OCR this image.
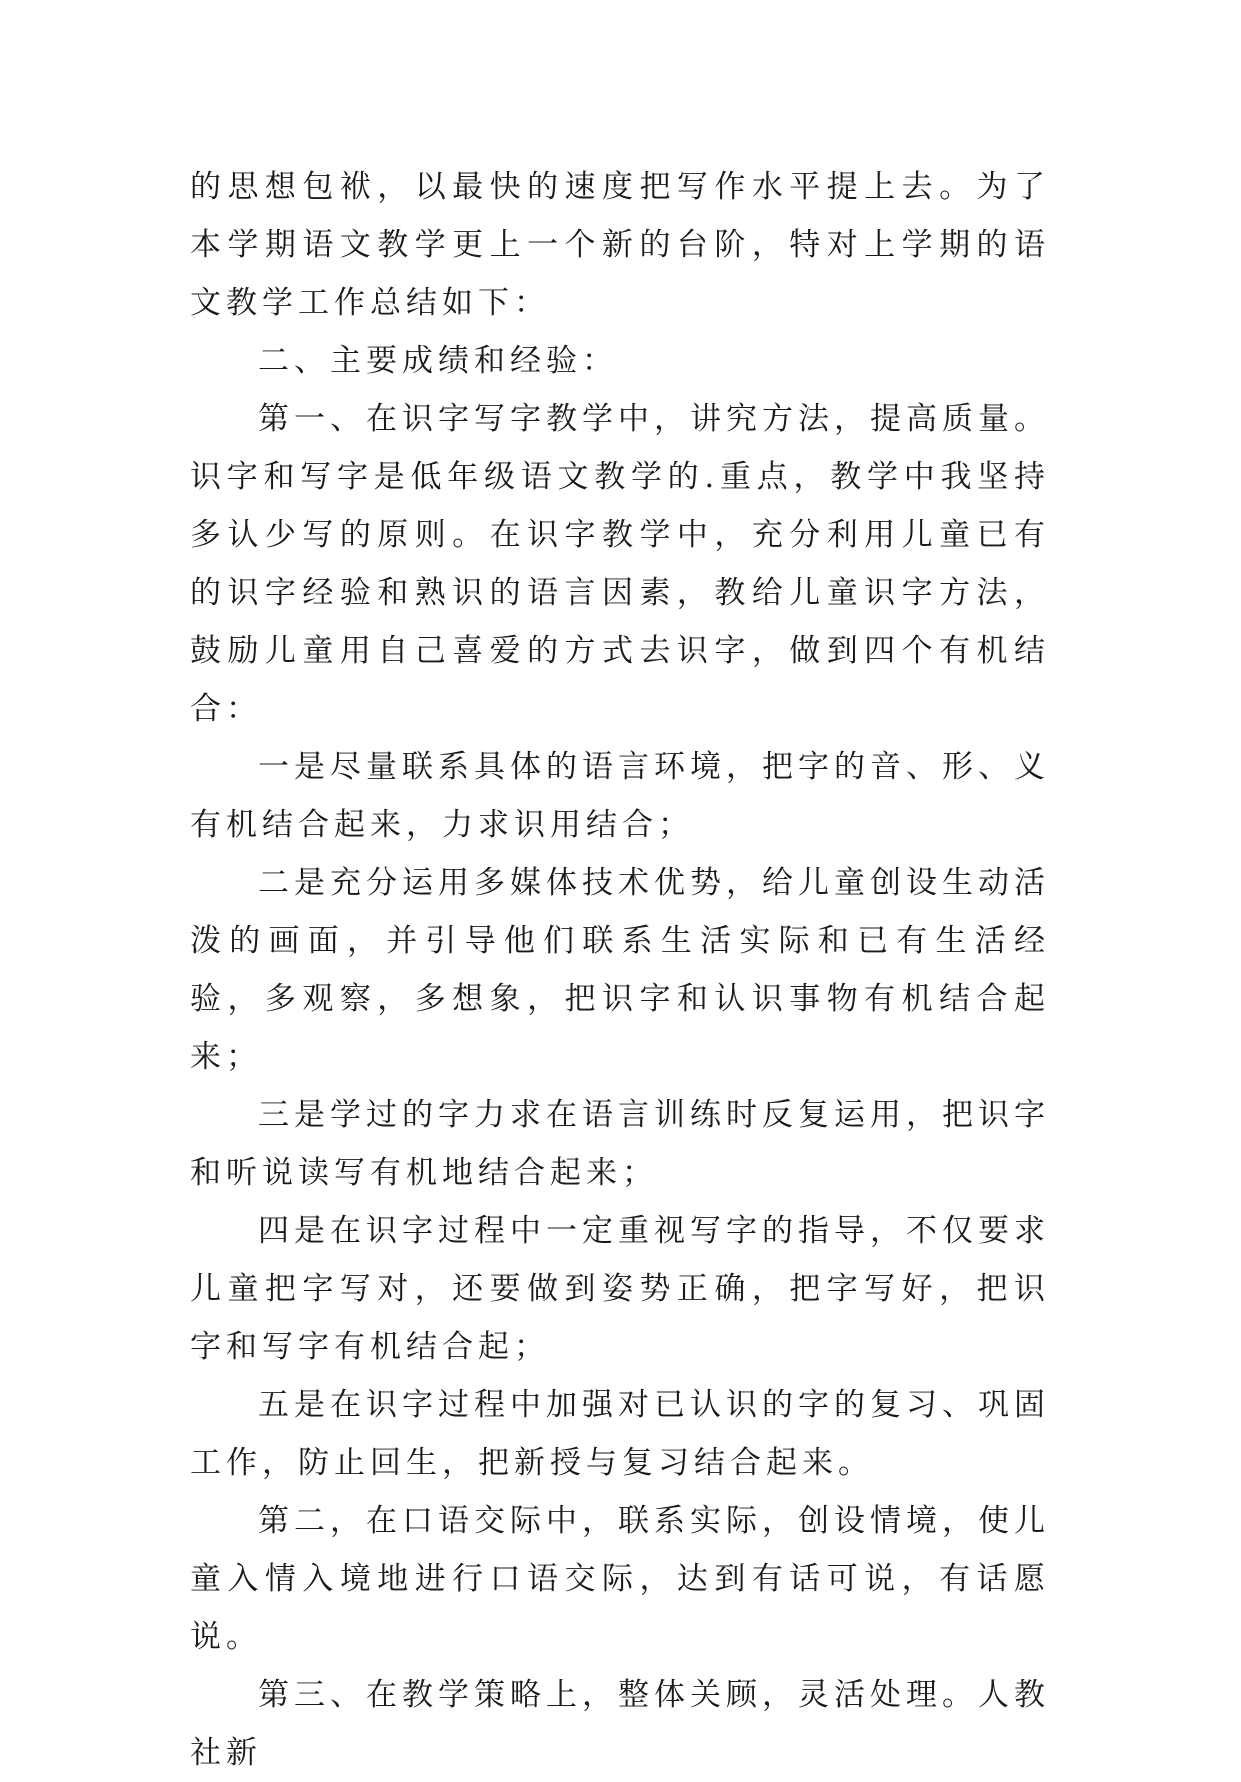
的思想包袱，以最快的速度把写作水平提上去。为了本学期语文教学更上一个新的台阶，特对上学期的语文教学工作总结如下：

二、主要成绩和经验：

第一、在识字写字教学中，讲究方法，提高质量。识字和写字是低年级语文教学的.重点，教学中我坚持多认少写的原则。在识字教学中，充分利用儿童已有的识字经验和熟识的语言因素，教给儿童识字方法，鼓励儿童用自己喜爱的方式去识字，做到四个有机结合：

一是尽量联系具体的语言环境，把字的音、形、义有机结合起来，力求识用结合；

二是充分运用多媒体技术优势，给儿童创设生动活泼的画面，并引导他们联系生活实际和已有生活经验，多观察，多想象，把识字和认识事物有机结合起来；

三是学过的字力求在语言训练时反复运用，把识字和听说读写有机地结合起来；

四是在识字过程中一定重视写字的指导，不仅要求儿童把字写对，还要做到姿势正确，把字写好，把识字和写字有机结合起；

五是在识字过程中加强对已认识的字的复习、巩固工作，防止回生，把新授与复习结合起来。

第二，在口语交际中，联系实际，创设情境，使儿童入情入境地进行口语交际，达到有话可说，有话愿说。

第三、在教学策略上，整体关顾，灵活处理。人教社新
